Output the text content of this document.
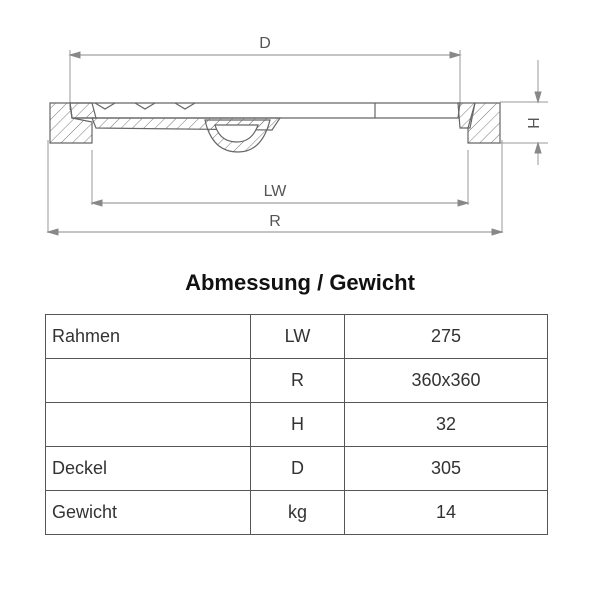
D
LW
R
H
Abmessung / Gewicht
Rahmen	LW	275
	R	360x360
	H	32
Deckel	D	305
Gewicht	kg	14
